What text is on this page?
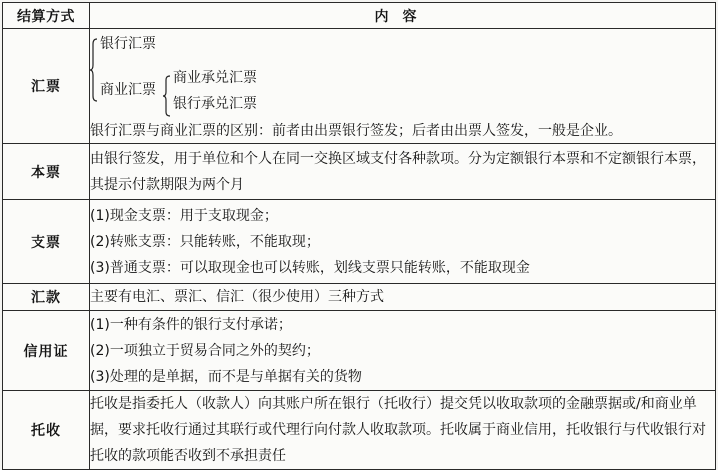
结算方式	内容
汇票	银行汇票
商业汇票
商业承兑汇票
银行承兑汇票
银行汇票与商业汇票的区别：前者由出票银行签发；后者由出票人签发，一般是企业。

本票	由银行签发，用于单位和个人在同一交换区域支付各种款项。分为定额银行本票和不定额银行本票，其提示付款期限为两个月
支票	(1)现金支票：用于支取现金；
(2)转账支票：只能转账，不能取现；
(3)普通支票：可以取现金也可以转账，划线支票只能转账，不能取现金

汇款	主要有电汇、票汇、信汇（很少使用）三种方式
信用证	(1)一种有条件的银行支付承诺；
(2)一项独立于贸易合同之外的契约；
(3)处理的是单据，而不是与单据有关的货物

托收	托收是指委托人（收款人）向其账户所在银行（托收行）提交凭以收取款项的金融票据或/和商业单据，要求托收行通过其联行或代理行向付款人收取款项。托收属于商业信用，托收银行与代收银行对托收的款项能否收到不承担责任
